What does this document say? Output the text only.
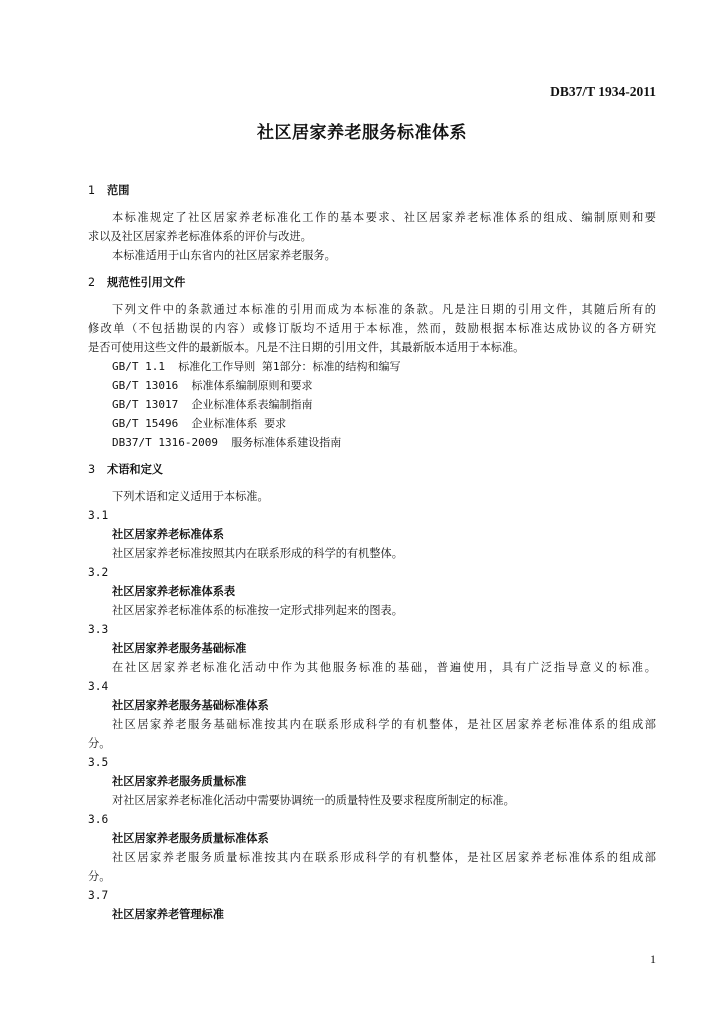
DB37/T 1934-2011
社区居家养老服务标准体系
1 范围
本标准规定了社区居家养老标准化工作的基本要求、社区居家养老标准体系的组成、编制原则和要
求以及社区居家养老标准体系的评价与改进。
本标准适用于山东省内的社区居家养老服务。
2 规范性引用文件
下列文件中的条款通过本标准的引用而成为本标准的条款。凡是注日期的引用文件，其随后所有的
修改单（不包括勘误的内容）或修订版均不适用于本标准，然而，鼓励根据本标准达成协议的各方研究
是否可使用这些文件的最新版本。凡是不注日期的引用文件，其最新版本适用于本标准。
GB/T 1.1  标准化工作导则 第1部分：标准的结构和编写
GB/T 13016  标准体系编制原则和要求
GB/T 13017  企业标准体系表编制指南
GB/T 15496  企业标准体系 要求
DB37/T 1316-2009  服务标准体系建设指南
3 术语和定义
下列术语和定义适用于本标准。
3.1
社区居家养老标准体系
社区居家养老标准按照其内在联系形成的科学的有机整体。
3.2
社区居家养老标准体系表
社区居家养老标准体系的标准按一定形式排列起来的图表。
3.3
社区居家养老服务基础标准
在社区居家养老标准化活动中作为其他服务标准的基础，普遍使用，具有广泛指导意义的标准。
3.4
社区居家养老服务基础标准体系
社区居家养老服务基础标准按其内在联系形成科学的有机整体，是社区居家养老标准体系的组成部
分。
3.5
社区居家养老服务质量标准
对社区居家养老标准化活动中需要协调统一的质量特性及要求程度所制定的标准。
3.6
社区居家养老服务质量标准体系
社区居家养老服务质量标准按其内在联系形成科学的有机整体，是社区居家养老标准体系的组成部
分。
3.7
社区居家养老管理标准
1
